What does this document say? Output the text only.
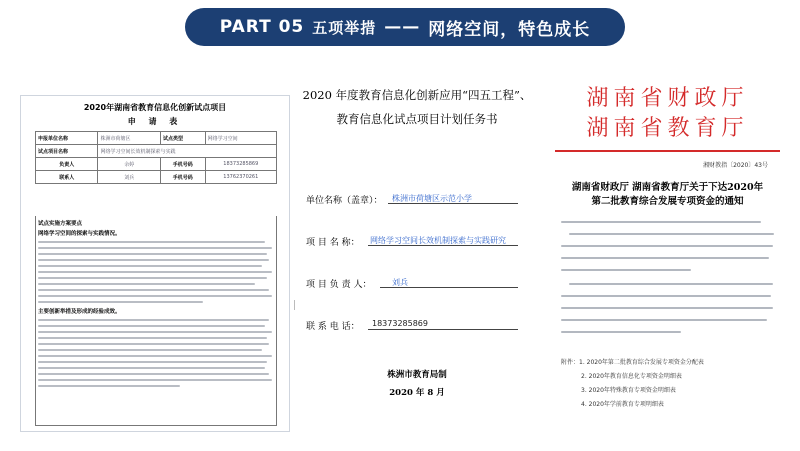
PART 05 五项举措 —— 网络空间，特色成长
2020年湖南省教育信息化创新试点项目
申 请 表
申报单位名称	株洲市荷塘区	试点类型	网络学习空间
试点项目名称	网络学习空间长效机制探索与实践		
负责人	余婷	手机号码	18373285869
联系人	刘兵	手机号码	13762370261
试点实施方案要点
网络学习空间的探索与实践情况。
主要创新举措及形成的经验成效。
2020 年度教育信息化创新应用“四五工程”、
教育信息化试点项目计划任务书
单位名称（盖章）： 株洲市荷塘区示范小学
项 目 名 称： 网络学习空间长效机制探索与实践研究
项 目 负 责 人：	刘兵
联 系 电 话： 18373285869
株洲市教育局制
2020 年 8 月
湖南省财政厅
湖南省教育厅
湘财教指〔2020〕43号
湖南省财政厅 湖南省教育厅关于下达2020年
第二批教育综合发展专项资金的通知
附件：1. 2020年第二批教育综合发展专项资金分配表
2. 2020年教育信息化专项资金明细表
3. 2020年特殊教育专项资金明细表
4. 2020年学前教育专项明细表
